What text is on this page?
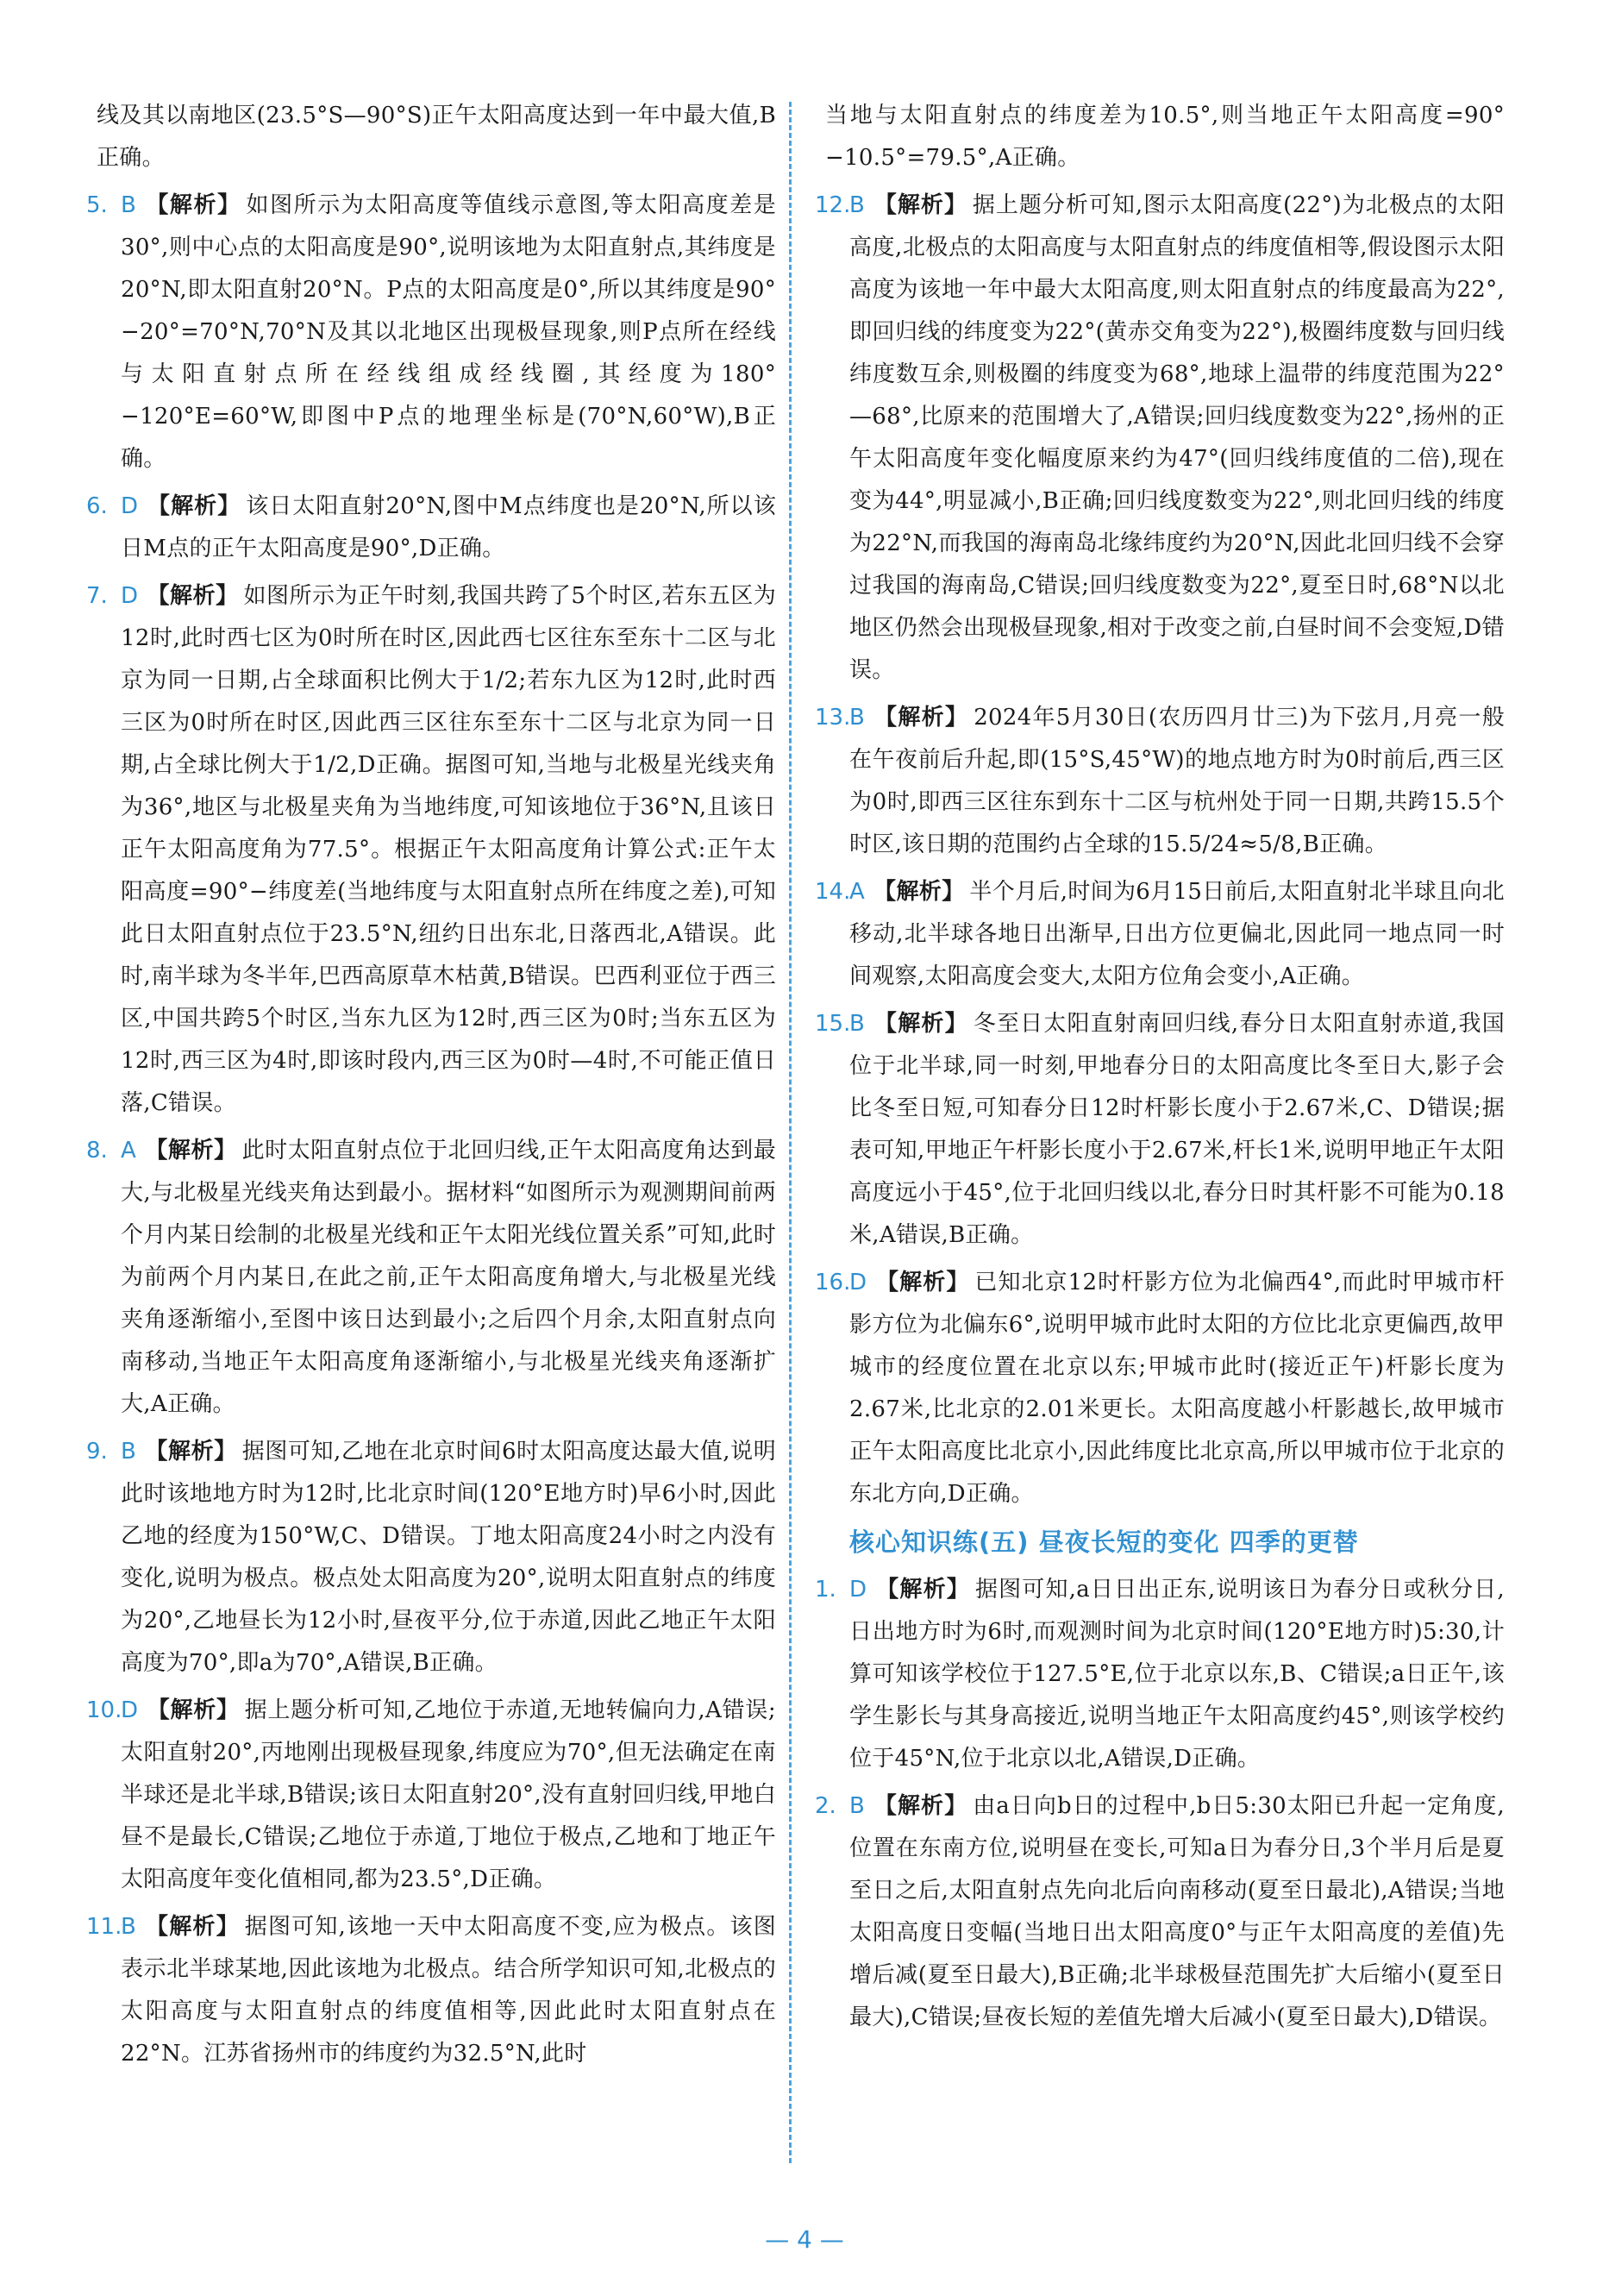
线及其以南地区(23.5°S—90°S)正午太阳高度达到一年中最大值,B正确。

5. B 【解析】 如图所示为太阳高度等值线示意图,等太阳高度差是30°,则中心点的太阳高度是90°,说明该地为太阳直射点,其纬度是20°N,即太阳直射20°N。P点的太阳高度是0°,所以其纬度是90°−20°=70°N,70°N及其以北地区出现极昼现象,则P点所在经线与太阳直射点所在经线组成经线圈,其经度为180°−120°E=60°W,即图中P点的地理坐标是(70°N,60°W),B正确。

6. D 【解析】 该日太阳直射20°N,图中M点纬度也是20°N,所以该日M点的正午太阳高度是90°,D正确。

7. D 【解析】 如图所示为正午时刻,我国共跨了5个时区,若东五区为12时,此时西七区为0时所在时区,因此西七区往东至东十二区与北京为同一日期,占全球面积比例大于1/2;若东九区为12时,此时西三区为0时所在时区,因此西三区往东至东十二区与北京为同一日期,占全球比例大于1/2,D正确。据图可知,当地与北极星光线夹角为36°,地区与北极星夹角为当地纬度,可知该地位于36°N,且该日正午太阳高度角为77.5°。根据正午太阳高度角计算公式:正午太阳高度=90°−纬度差(当地纬度与太阳直射点所在纬度之差),可知此日太阳直射点位于23.5°N,纽约日出东北,日落西北,A错误。此时,南半球为冬半年,巴西高原草木枯黄,B错误。巴西利亚位于西三区,中国共跨5个时区,当东九区为12时,西三区为0时;当东五区为12时,西三区为4时,即该时段内,西三区为0时—4时,不可能正值日落,C错误。

8. A 【解析】 此时太阳直射点位于北回归线,正午太阳高度角达到最大,与北极星光线夹角达到最小。据材料“如图所示为观测期间前两个月内某日绘制的北极星光线和正午太阳光线位置关系”可知,此时为前两个月内某日,在此之前,正午太阳高度角增大,与北极星光线夹角逐渐缩小,至图中该日达到最小;之后四个月余,太阳直射点向南移动,当地正午太阳高度角逐渐缩小,与北极星光线夹角逐渐扩大,A正确。

9. B 【解析】 据图可知,乙地在北京时间6时太阳高度达最大值,说明此时该地地方时为12时,比北京时间(120°E地方时)早6小时,因此乙地的经度为150°W,C、D错误。丁地太阳高度24小时之内没有变化,说明为极点。极点处太阳高度为20°,说明太阳直射点的纬度为20°,乙地昼长为12小时,昼夜平分,位于赤道,因此乙地正午太阳高度为70°,即a为70°,A错误,B正确。

10.

D 【解析】 据上题分析可知,乙地位于赤道,无地转偏向力,A错误;太阳直射20°,丙地刚出现极昼现象,纬度应为70°,但无法确定在南半球还是北半球,B错误;该日太阳直射20°,没有直射回归线,甲地白昼不是最长,C错误;乙地位于赤道,丁地位于极点,乙地和丁地正午太阳高度年变化值相同,都为23.5°,D正确。

11.

B 【解析】 据图可知,该地一天中太阳高度不变,应为极点。该图表示北半球某地,因此该地为北极点。结合所学知识可知,北极点的太阳高度与太阳直射点的纬度值相等,因此此时太阳直射点在22°N。江苏省扬州市的纬度约为32.5°N,此时

当地与太阳直射点的纬度差为10.5°,则当地正午太阳高度=90°−10.5°=79.5°,A正确。

12.

B 【解析】 据上题分析可知,图示太阳高度(22°)为北极点的太阳高度,北极点的太阳高度与太阳直射点的纬度值相等,假设图示太阳高度为该地一年中最大太阳高度,则太阳直射点的纬度最高为22°,即回归线的纬度变为22°(黄赤交角变为22°),极圈纬度数与回归线纬度数互余,则极圈的纬度变为68°,地球上温带的纬度范围为22°—68°,比原来的范围增大了,A错误;回归线度数变为22°,扬州的正午太阳高度年变化幅度原来约为47°(回归线纬度值的二倍),现在变为44°,明显减小,B正确;回归线度数变为22°,则北回归线的纬度为22°N,而我国的海南岛北缘纬度约为20°N,因此北回归线不会穿过我国的海南岛,C错误;回归线度数变为22°,夏至日时,68°N以北地区仍然会出现极昼现象,相对于改变之前,白昼时间不会变短,D错误。

13.

B 【解析】 2024年5月30日(农历四月廿三)为下弦月,月亮一般在午夜前后升起,即(15°S,45°W)的地点地方时为0时前后,西三区为0时,即西三区往东到东十二区与杭州处于同一日期,共跨15.5个时区,该日期的范围约占全球的15.5/24≈5/8,B正确。

14.

A 【解析】 半个月后,时间为6月15日前后,太阳直射北半球且向北移动,北半球各地日出渐早,日出方位更偏北,因此同一地点同一时间观察,太阳高度会变大,太阳方位角会变小,A正确。

15.

B 【解析】 冬至日太阳直射南回归线,春分日太阳直射赤道,我国位于北半球,同一时刻,甲地春分日的太阳高度比冬至日大,影子会比冬至日短,可知春分日12时杆影长度小于2.67米,C、D错误;据表可知,甲地正午杆影长度小于2.67米,杆长1米,说明甲地正午太阳高度远小于45°,位于北回归线以北,春分日时其杆影不可能为0.18米,A错误,B正确。

16.

D 【解析】 已知北京12时杆影方位为北偏西4°,而此时甲城市杆影方位为北偏东6°,说明甲城市此时太阳的方位比北京更偏西,故甲城市的经度位置在北京以东;甲城市此时(接近正午)杆影长度为2.67米,比北京的2.01米更长。太阳高度越小杆影越长,故甲城市正午太阳高度比北京小,因此纬度比北京高,所以甲城市位于北京的东北方向,D正确。

核心知识练(五) 昼夜长短的变化 四季的更替
1. D 【解析】 据图可知,a日日出正东,说明该日为春分日或秋分日,日出地方时为6时,而观测时间为北京时间(120°E地方时)5:30,计算可知该学校位于127.5°E,位于北京以东,B、C错误;a日正午,该学生影长与其身高接近,说明当地正午太阳高度约45°,则该学校约位于45°N,位于北京以北,A错误,D正确。

2. B 【解析】 由a日向b日的过程中,b日5:30太阳已升起一定角度,位置在东南方位,说明昼在变长,可知a日为春分日,3个半月后是夏至日之后,太阳直射点先向北后向南移动(夏至日最北),A错误;当地太阳高度日变幅(当地日出太阳高度0°与正午太阳高度的差值)先增后减(夏至日最大),B正确;北半球极昼范围先扩大后缩小(夏至日最大),C错误;昼夜长短的差值先增大后减小(夏至日最大),D错误。

— 4 —
